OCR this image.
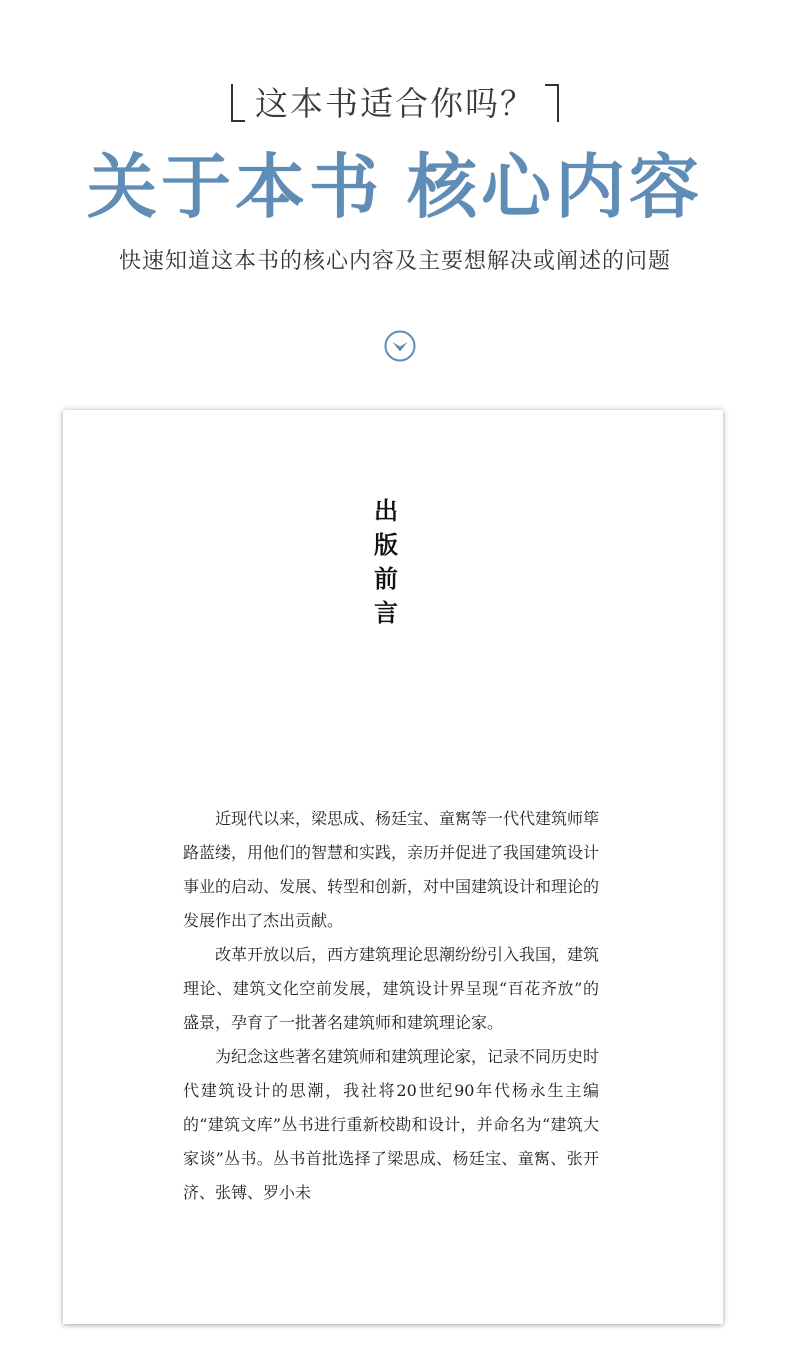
这本书适合你吗？
关于本书 核心内容
快速知道这本书的核心内容及主要想解决或阐述的问题
出
版
前
言

近现代以来，梁思成、杨廷宝、童寯等一代代建筑师筚路蓝缕，用他们的智慧和实践，亲历并促进了我国建筑设计事业的启动、发展、转型和创新，对中国建筑设计和理论的发展作出了杰出贡献。

改革开放以后，西方建筑理论思潮纷纷引入我国，建筑理论、建筑文化空前发展，建筑设计界呈现“百花齐放”的盛景，孕育了一批著名建筑师和建筑理论家。

为纪念这些著名建筑师和建筑理论家，记录不同历史时代建筑设计的思潮，我社将20世纪90年代杨永生主编的“建筑文库”丛书进行重新校勘和设计，并命名为“建筑大家谈”丛书。丛书首批选择了梁思成、杨廷宝、童寯、张开济、张镈、罗小未
